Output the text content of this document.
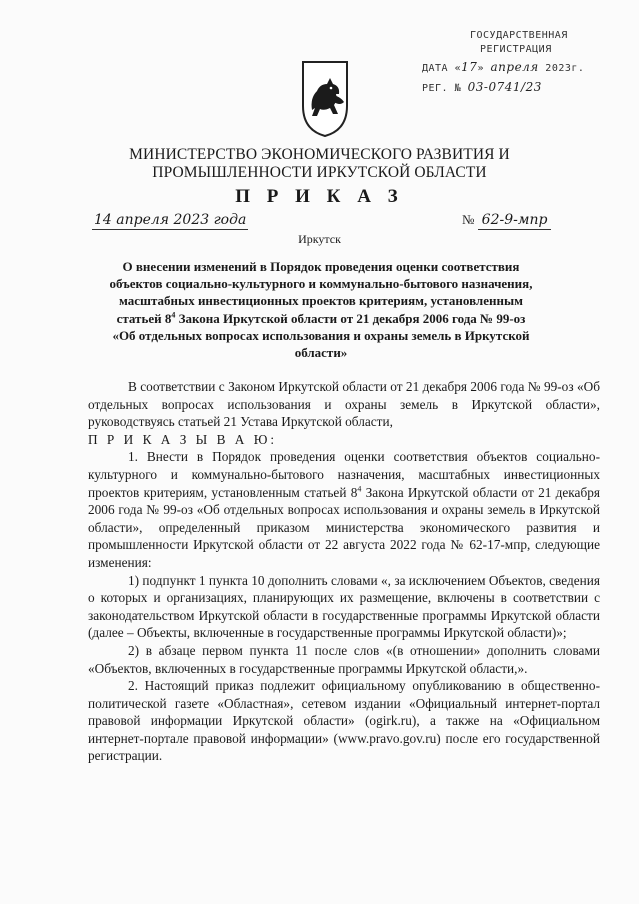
ГОСУДАРСТВЕННАЯ
РЕГИСТРАЦИЯ
ДАТА «17» апреля 2023г.
РЕГ. № 03-0741/23
МИНИСТЕРСТВО ЭКОНОМИЧЕСКОГО РАЗВИТИЯ И
ПРОМЫШЛЕННОСТИ ИРКУТСКОЙ ОБЛАСТИ
П Р И К А З
14 апреля 2023 года	№ 62-9-мпр
Иркутск
О внесении изменений в Порядок проведения оценки соответствия
объектов социально-культурного и коммунально-бытового назначения,
масштабных инвестиционных проектов критериям, установленным
статьей $8^4$ Закона Иркутской области от 21 декабря 2006 года № 99-оз
«Об отдельных вопросах использования и охраны земель в Иркутской
области»

В соответствии с Законом Иркутской области от 21 декабря 2006 года № 99-оз «Об отдельных вопросах использования и охраны земель в Иркутской области», руководствуясь статьей 21 Устава Иркутской области,

П Р И К А З Ы В А Ю:

1. Внести в Порядок проведения оценки соответствия объектов социально-культурного и коммунально-бытового назначения, масштабных инвестиционных проектов критериям, установленным статьей $8^4$ Закона Иркутской области от 21 декабря 2006 года № 99-оз «Об отдельных вопросах использования и охраны земель в Иркутской области», определенный приказом министерства экономического развития и промышленности Иркутской области от 22 августа 2022 года № 62-17-мпр, следующие изменения:

1) подпункт 1 пункта 10 дополнить словами «, за исключением Объектов, сведения о которых и организациях, планирующих их размещение, включены в соответствии с законодательством Иркутской области в государственные программы Иркутской области (далее – Объекты, включенные в государственные программы Иркутской области)»;

2) в абзаце первом пункта 11 после слов «(в отношении» дополнить словами «Объектов, включенных в государственные программы Иркутской области,».

2. Настоящий приказ подлежит официальному опубликованию в общественно-политической газете «Областная», сетевом издании «Официальный интернет-портал правовой информации Иркутской области» (ogirk.ru), а также на «Официальном интернет-портале правовой информации» (www.pravo.gov.ru) после его государственной регистрации.
